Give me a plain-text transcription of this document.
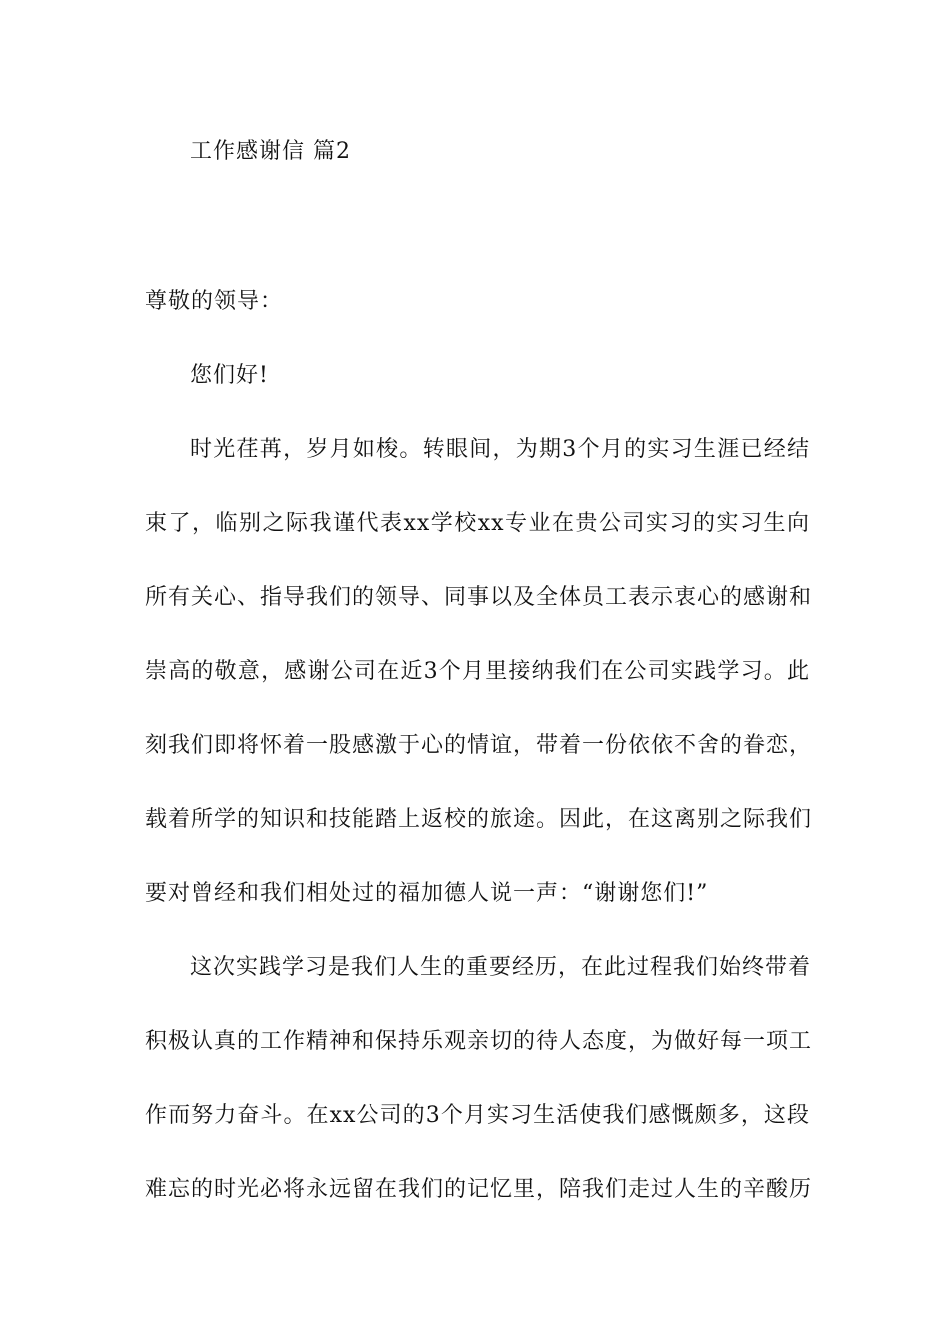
工作感谢信 篇2
尊敬的领导：
您们好!
时光荏苒，岁月如梭。转眼间，为期3个月的实习生涯已经结
束了，临别之际我谨代表xx学校xx专业在贵公司实习的实习生向
所有关心、指导我们的领导、同事以及全体员工表示衷心的感谢和
崇高的敬意，感谢公司在近3个月里接纳我们在公司实践学习。此
刻我们即将怀着一股感激于心的情谊，带着一份依依不舍的眷恋，
载着所学的知识和技能踏上返校的旅途。因此，在这离别之际我们
要对曾经和我们相处过的福加德人说一声：“谢谢您们!”
这次实践学习是我们人生的重要经历，在此过程我们始终带着
积极认真的工作精神和保持乐观亲切的待人态度，为做好每一项工
作而努力奋斗。在xx公司的3个月实习生活使我们感慨颇多，这段
难忘的时光必将永远留在我们的记忆里，陪我们走过人生的辛酸历
